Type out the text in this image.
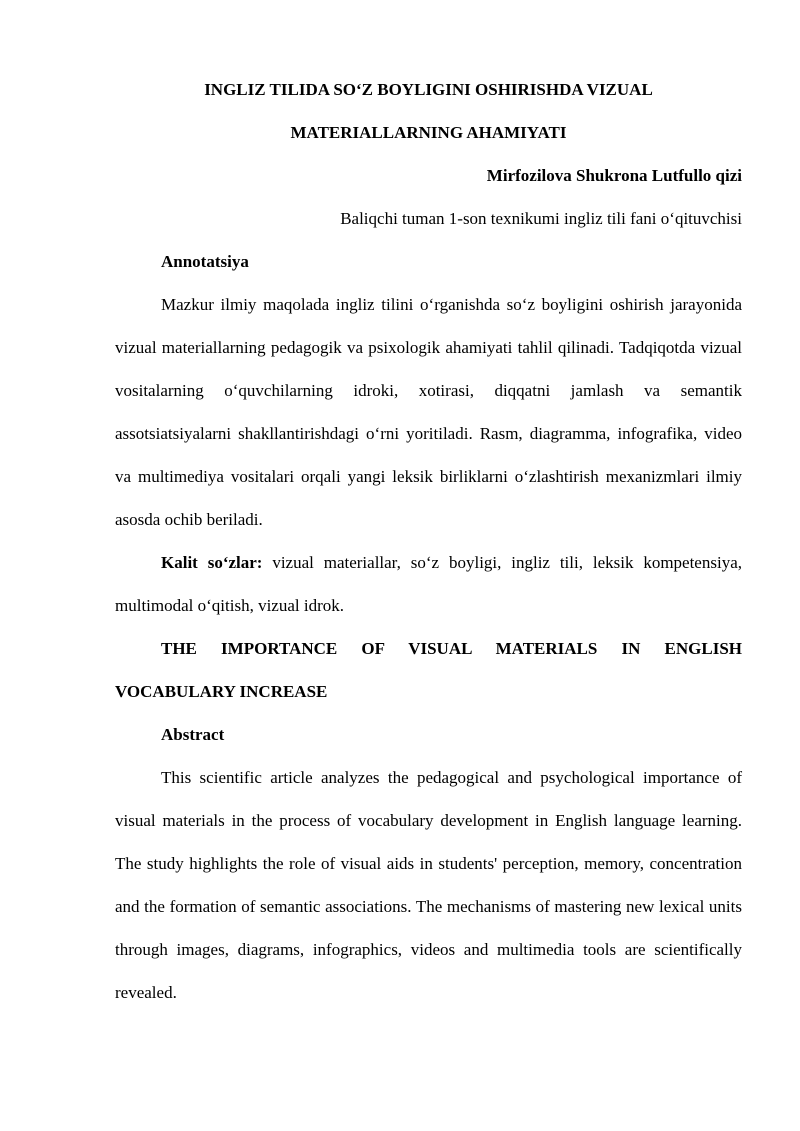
INGLIZ TILIDA SO‘Z BOYLIGINI OSHIRISHDA VIZUAL

MATERIALLARNING AHAMIYATI

Mirfozilova Shukrona Lutfullo qizi

Baliqchi tuman 1-son texnikumi ingliz tili fani o‘qituvchisi

Annotatsiya

Mazkur ilmiy maqolada ingliz tilini o‘rganishda so‘z boyligini oshirish jarayonida vizual materiallarning pedagogik va psixologik ahamiyati tahlil qilinadi. Tadqiqotda vizual vositalarning o‘quvchilarning idroki, xotirasi, diqqatni jamlash va semantik assotsiatsiyalarni shakllantirishdagi o‘rni yoritiladi. Rasm, diagramma, infografika, video va multimediya vositalari orqali yangi leksik birliklarni o‘zlashtirish mexanizmlari ilmiy asosda ochib beriladi.

Kalit so‘zlar: vizual materiallar, so‘z boyligi, ingliz tili, leksik kompetensiya, multimodal o‘qitish, vizual idrok.

THE IMPORTANCE OF VISUAL MATERIALS IN ENGLISH VOCABULARY INCREASE

Abstract

This scientific article analyzes the pedagogical and psychological importance of visual materials in the process of vocabulary development in English language learning. The study highlights the role of visual aids in students' perception, memory, concentration and the formation of semantic associations. The mechanisms of mastering new lexical units through images, diagrams, infographics, videos and multimedia tools are scientifically revealed.
